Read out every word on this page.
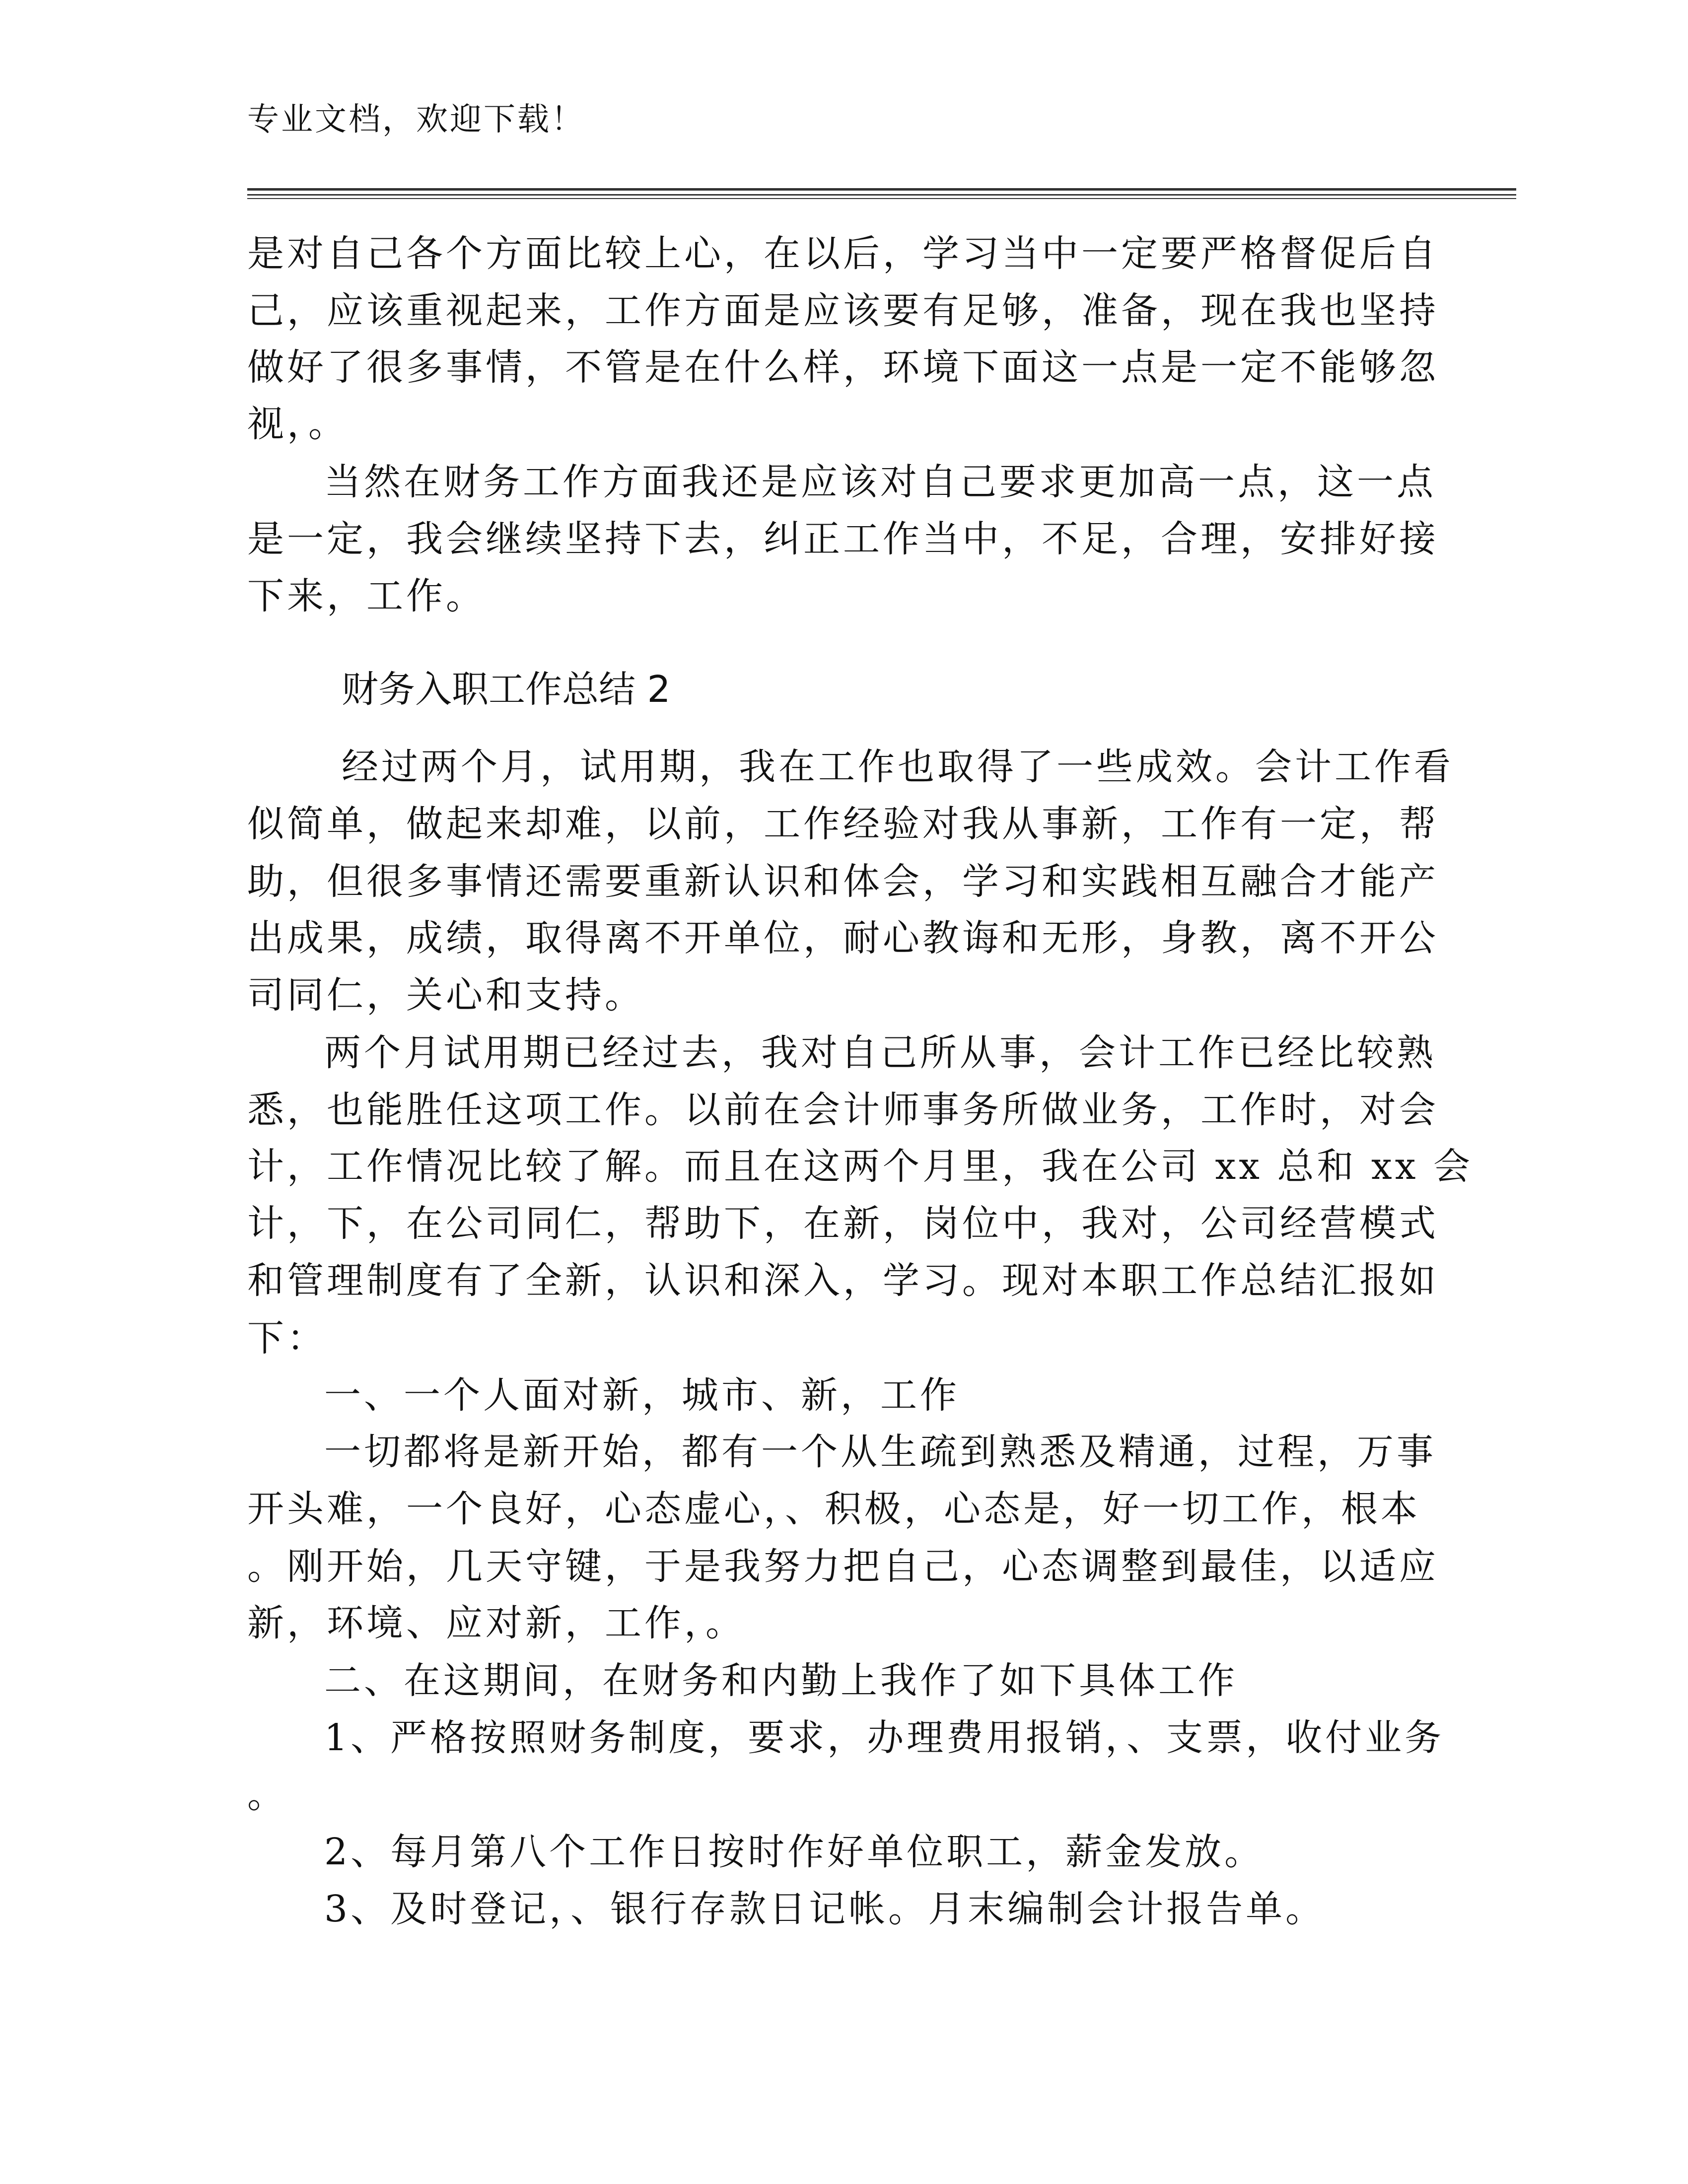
专业文档，欢迎下载！
是对自己各个方面比较上心，在以后，学习当中一定要严格督促后自
己，应该重视起来，工作方面是应该要有足够，准备，现在我也坚持
做好了很多事情，不管是在什么样，环境下面这一点是一定不能够忽
视，。
当然在财务工作方面我还是应该对自己要求更加高一点，这一点
是一定，我会继续坚持下去，纠正工作当中，不足，合理，安排好接
下来，工作。
财务入职工作总结 2
经过两个月，试用期，我在工作也取得了一些成效。会计工作看
似简单，做起来却难，以前，工作经验对我从事新，工作有一定，帮
助，但很多事情还需要重新认识和体会，学习和实践相互融合才能产
出成果，成绩，取得离不开单位，耐心教诲和无形，身教，离不开公
司同仁，关心和支持。
两个月试用期已经过去，我对自己所从事，会计工作已经比较熟
悉，也能胜任这项工作。以前在会计师事务所做业务，工作时，对会
计，工作情况比较了解。而且在这两个月里，我在公司 xx 总和 xx 会
计，下，在公司同仁，帮助下，在新，岗位中，我对，公司经营模式
和管理制度有了全新，认识和深入，学习。现对本职工作总结汇报如
下：
一、一个人面对新，城市、新，工作
一切都将是新开始，都有一个从生疏到熟悉及精通，过程，万事
开头难，一个良好，心态虚心，、积极，心态是，好一切工作，根本
。刚开始，几天守键，于是我努力把自己，心态调整到最佳，以适应
新，环境、应对新，工作，。
二、在这期间，在财务和内勤上我作了如下具体工作
1、严格按照财务制度，要求，办理费用报销，、支票，收付业务
。
2、每月第八个工作日按时作好单位职工，薪金发放。
3、及时登记，、银行存款日记帐。月末编制会计报告单。
